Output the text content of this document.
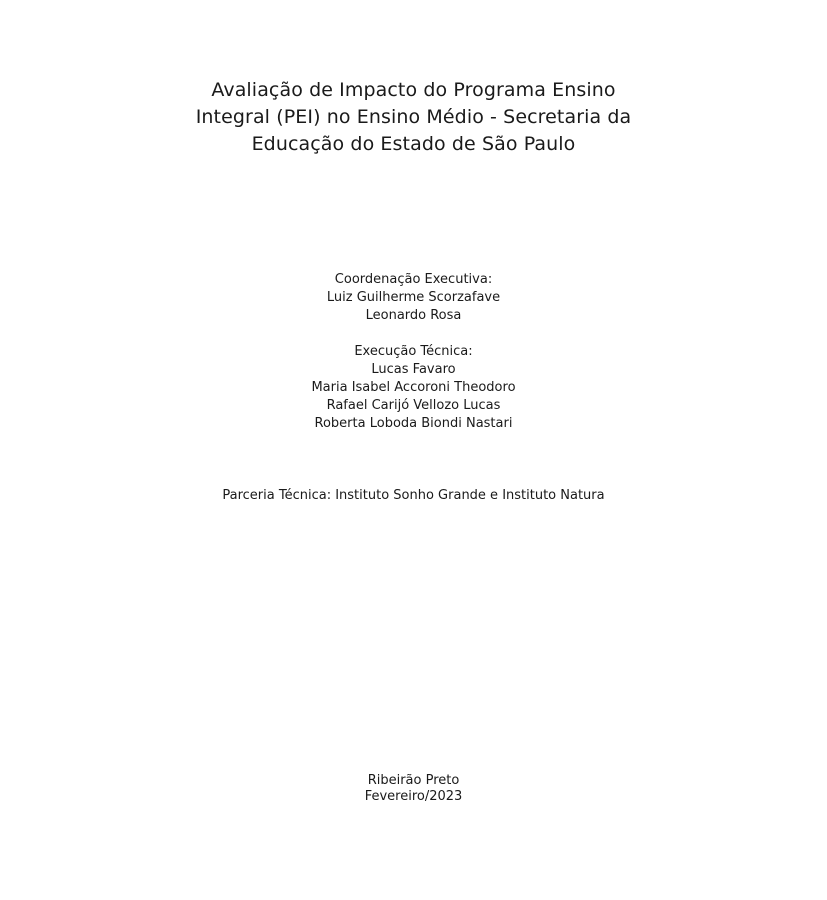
Avaliação de Impacto do Programa Ensino
Integral (PEI) no Ensino Médio - Secretaria da
Educação do Estado de São Paulo
Coordenação Executiva:
Luiz Guilherme Scorzafave
Leonardo Rosa
Execução Técnica:
Lucas Favaro
Maria Isabel Accoroni Theodoro
Rafael Carijó Vellozo Lucas
Roberta Loboda Biondi Nastari
Parceria Técnica: Instituto Sonho Grande e Instituto Natura
Ribeirão Preto
Fevereiro/2023
